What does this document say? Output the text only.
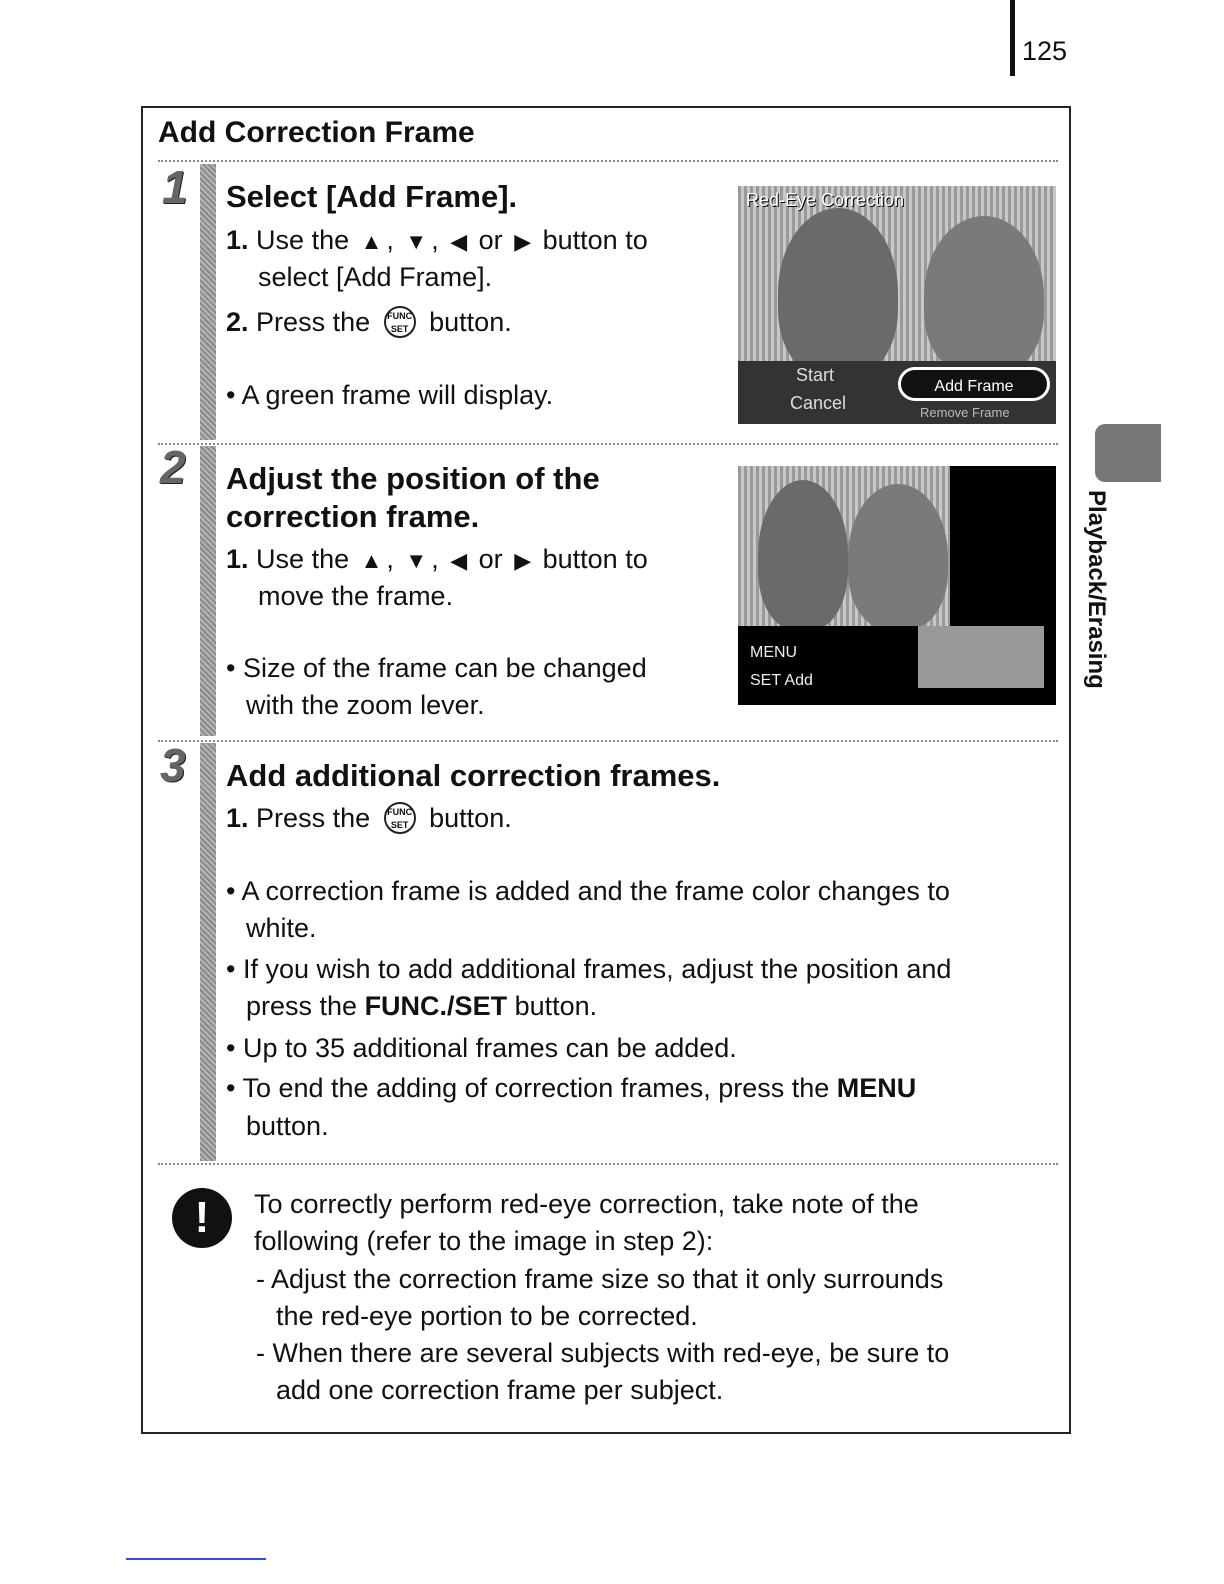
125
Playback/Erasing
Add Correction Frame
1 Select [Add Frame].

1. Use the ▲ , ▼ , ◀ or ▶ button to

select [Add Frame].

2. Press the FUNC SET button.

• A green frame will display.

Red-Eye Correction
Start
Cancel
Add Frame
Remove Frame
2 Adjust the position of the
correction frame.

1. Use the ▲ , ▼ , ◀ or ▶ button to

move the frame.

• Size of the frame can be changed

with the zoom lever.

MENU
SET Add
3 Add additional correction frames.

1. Press the FUNC SET button.

• A correction frame is added and the frame color changes to

white.

• If you wish to add additional frames, adjust the position and

press the FUNC./SET button.

• Up to 35 additional frames can be added.

• To end the adding of correction frames, press the MENU

button.

!	To correctly perform red-eye correction, take note of the

following (refer to the image in step 2):

- Adjust the correction frame size so that it only surrounds

the red-eye portion to be corrected.

- When there are several subjects with red-eye, be sure to

add one correction frame per subject.
